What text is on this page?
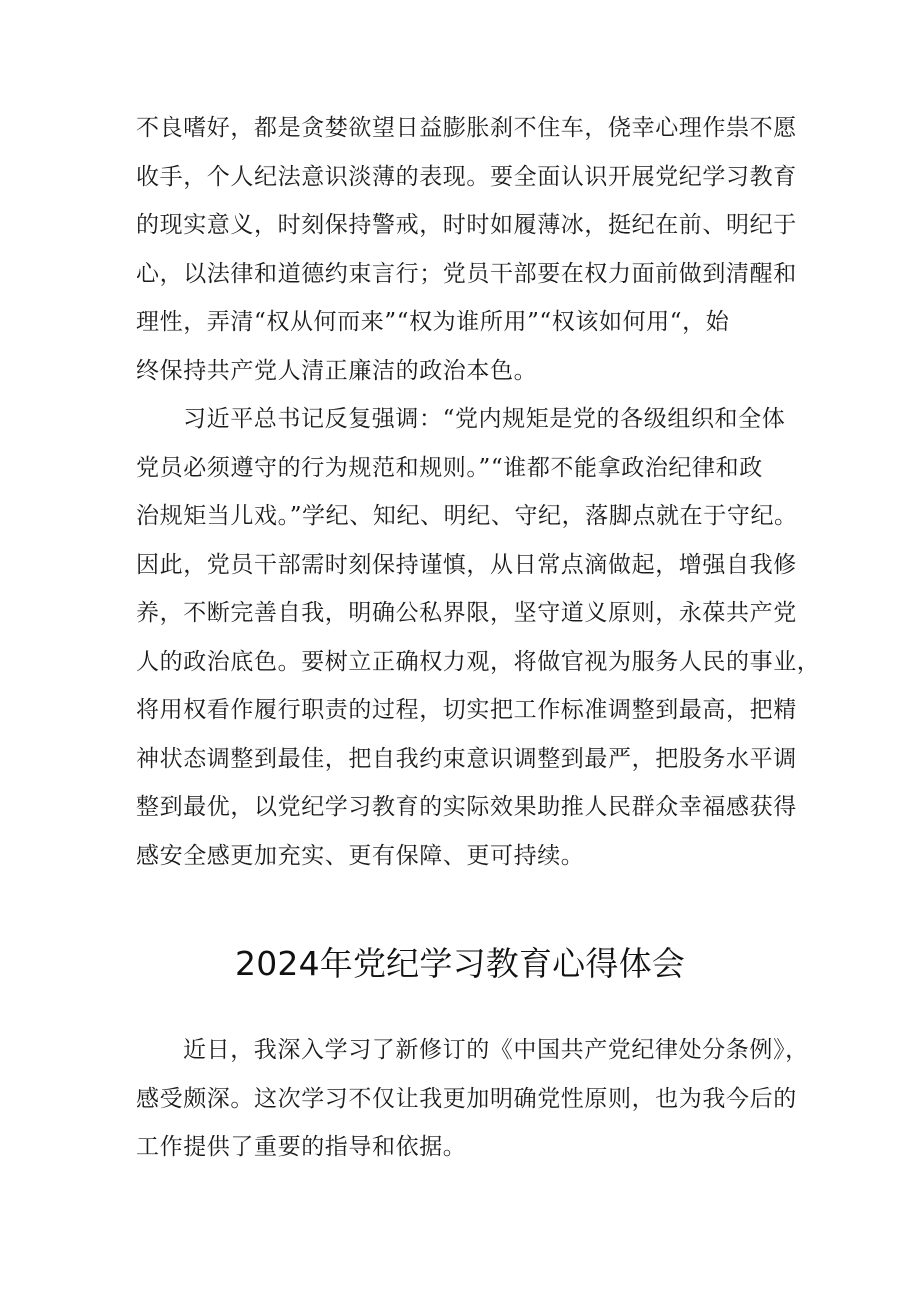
不良嗜好，都是贪婪欲望日益膨胀刹不住车，侥幸心理作祟不愿
收手，个人纪法意识淡薄的表现。要全面认识开展党纪学习教育
的现实意义，时刻保持警戒，时时如履薄冰，挺纪在前、明纪于
心，以法律和道德约束言行；党员干部要在权力面前做到清醒和
理性，弄清“权从何而来”“权为谁所用”“权该如何用“，始
终保持共产党人清正廉洁的政治本色。
习近平总书记反复强调：“党内规矩是党的各级组织和全体
党员必须遵守的行为规范和规则。”“谁都不能拿政治纪律和政
治规矩当儿戏。”学纪、知纪、明纪、守纪，落脚点就在于守纪。
因此，党员干部需时刻保持谨慎，从日常点滴做起，增强自我修
养，不断完善自我，明确公私界限，坚守道义原则，永葆共产党
人的政治底色。要树立正确权力观，将做官视为服务人民的事业，
将用权看作履行职责的过程，切实把工作标准调整到最高，把精
神状态调整到最佳，把自我约束意识调整到最严，把股务水平调
整到最优，以党纪学习教育的实际效果助推人民群众幸福感获得
感安全感更加充实、更有保障、更可持续。
2024年党纪学习教育心得体会
近日，我深入学习了新修订的《中国共产党纪律处分条例》，
感受颇深。这次学习不仅让我更加明确党性原则，也为我今后的
工作提供了重要的指导和依据。
